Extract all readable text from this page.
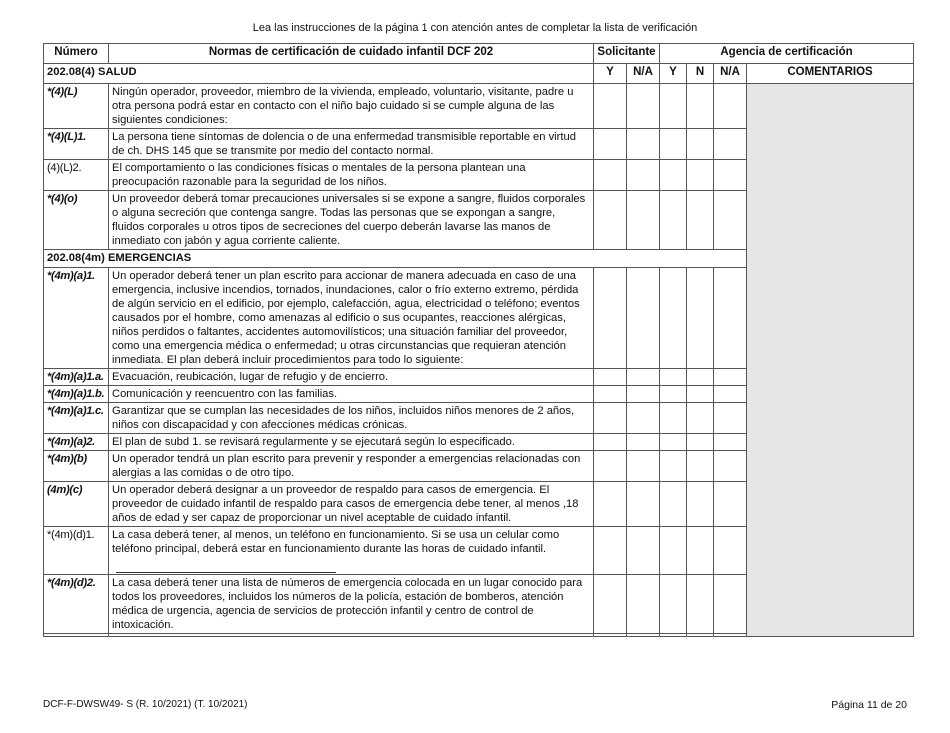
Lea las instrucciones de la página 1 con atención antes de completar la lista de verificación
Número	Normas de certificación de cuidado infantil DCF 202	Solicitante		Agencia de certificación			
202.08(4) SALUD		Y	N/A	Y	N	N/A	COMENTARIOS
*(4)(L)	Ningún operador, proveedor, miembro de la vivienda, empleado, voluntario, visitante, padre u otra persona podrá estar en contacto con el niño bajo cuidado si se cumple alguna de las siguientes condiciones:						
*(4)(L)1.	La persona tiene síntomas de dolencia o de una enfermedad transmisible reportable en virtud de ch. DHS 145 que se transmite por medio del contacto normal.						
(4)(L)2.	El comportamiento o las condiciones físicas o mentales de la persona plantean una preocupación razonable para la seguridad de los niños.						
*(4)(o)	Un proveedor deberá tomar precauciones universales si se expone a sangre, fluidos corporales o alguna secreción que contenga sangre. Todas las personas que se expongan a sangre, fluidos corporales u otros tipos de secreciones del cuerpo deberán lavarse las manos de inmediato con jabón y agua corriente caliente.						
202.08(4m) EMERGENCIAS							
*(4m)(a)1.	Un operador deberá tener un plan escrito para accionar de manera adecuada en caso de una emergencia, inclusive incendios, tornados, inundaciones, calor o frío externo extremo, pérdida de algún servicio en el edificio, por ejemplo, calefacción, agua, electricidad o teléfono; eventos causados por el hombre, como amenazas al edificio o sus ocupantes, reacciones alérgicas, niños perdidos o faltantes, accidentes automovilísticos; una situación familiar del proveedor, como una emergencia médica o enfermedad; u otras circunstancias que requieran atención inmediata. El plan deberá incluir procedimientos para todo lo siguiente:						
*(4m)(a)1.a.	Evacuación, reubicación, lugar de refugio y de encierro.						
*(4m)(a)1.b.	Comunicación y reencuentro con las familias.						
*(4m)(a)1.c.	Garantizar que se cumplan las necesidades de los niños, incluidos niños menores de 2 años, niños con discapacidad y con afecciones médicas crónicas.						
*(4m)(a)2.	El plan de subd 1. se revisará regularmente y se ejecutará según lo especificado.						
*(4m)(b)	Un operador tendrá un plan escrito para prevenir y responder a emergencias relacionadas con alergias a las comidas o de otro tipo.						
(4m)(c)	Un operador deberá designar a un proveedor de respaldo para casos de emergencia. El proveedor de cuidado infantil de respaldo para casos de emergencia debe tener, al menos ,18 años de edad y ser capaz de proporcionar un nivel aceptable de cuidado infantil.						
*(4m)(d)1.	La casa deberá tener, al menos, un teléfono en funcionamiento. Si se usa un celular como teléfono principal, deberá estar en funcionamiento durante las horas de cuidado infantil.						

*(4m)(d)2.	La casa deberá tener una lista de números de emergencia colocada en un lugar conocido para todos los proveedores, incluidos los números de la policía, estación de bomberos, atención médica de urgencia, agencia de servicios de protección infantil y centro de control de intoxicación.						

DCF-F-DWSW49- S (R. 10/2021) (T. 10/2021)	Página 11 de 20
